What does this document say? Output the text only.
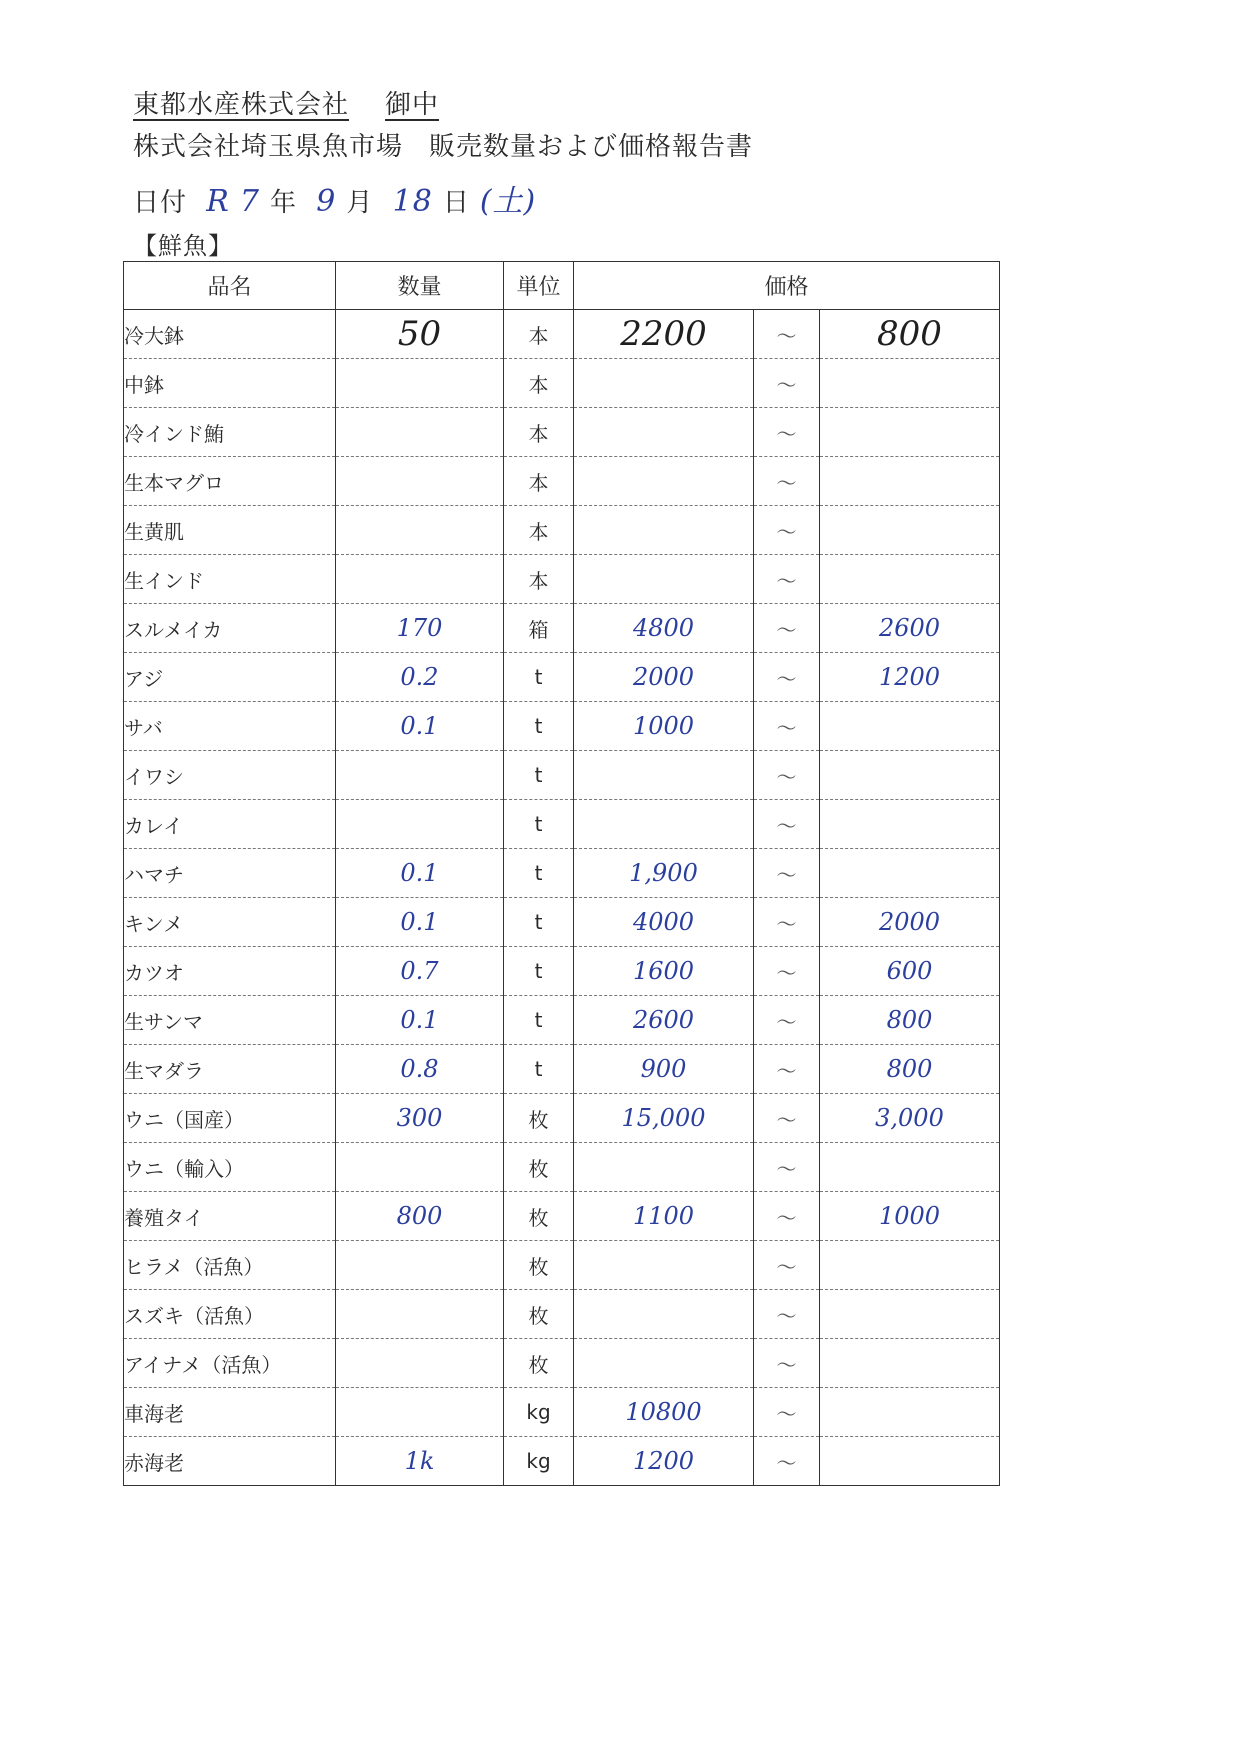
東都水産株式会社 御中
株式会社埼玉県魚市場 販売数量および価格報告書
日付 R 7 年 9 月 18 日 (土)
【鮮魚】
品名	数量	単位	価格		
冷大鉢	50	本	2200	～	800
中鉢		本		～	
冷インド鮪		本		～	
生本マグロ		本		～	
生黄肌		本		～	
生インド		本		～	
スルメイカ	170	箱	4800	～	2600
アジ	0.2	t	2000	～	1200
サバ	0.1	t	1000	～	
イワシ		t		～	
カレイ		t		～	
ハマチ	0.1	t	1,900	～	
キンメ	0.1	t	4000	～	2000
カツオ	0.7	t	1600	～	600
生サンマ	0.1	t	2600	～	800
生マダラ	0.8	t	900	～	800
ウニ（国産）	300	枚	15,000	～	3,000
ウニ（輸入）		枚		～	
養殖タイ	800	枚	1100	～	1000
ヒラメ（活魚）		枚		～	
スズキ（活魚）		枚		～	
アイナメ（活魚）		枚		～	
車海老		kg	10800	～	
赤海老	1k	kg	1200	～	
